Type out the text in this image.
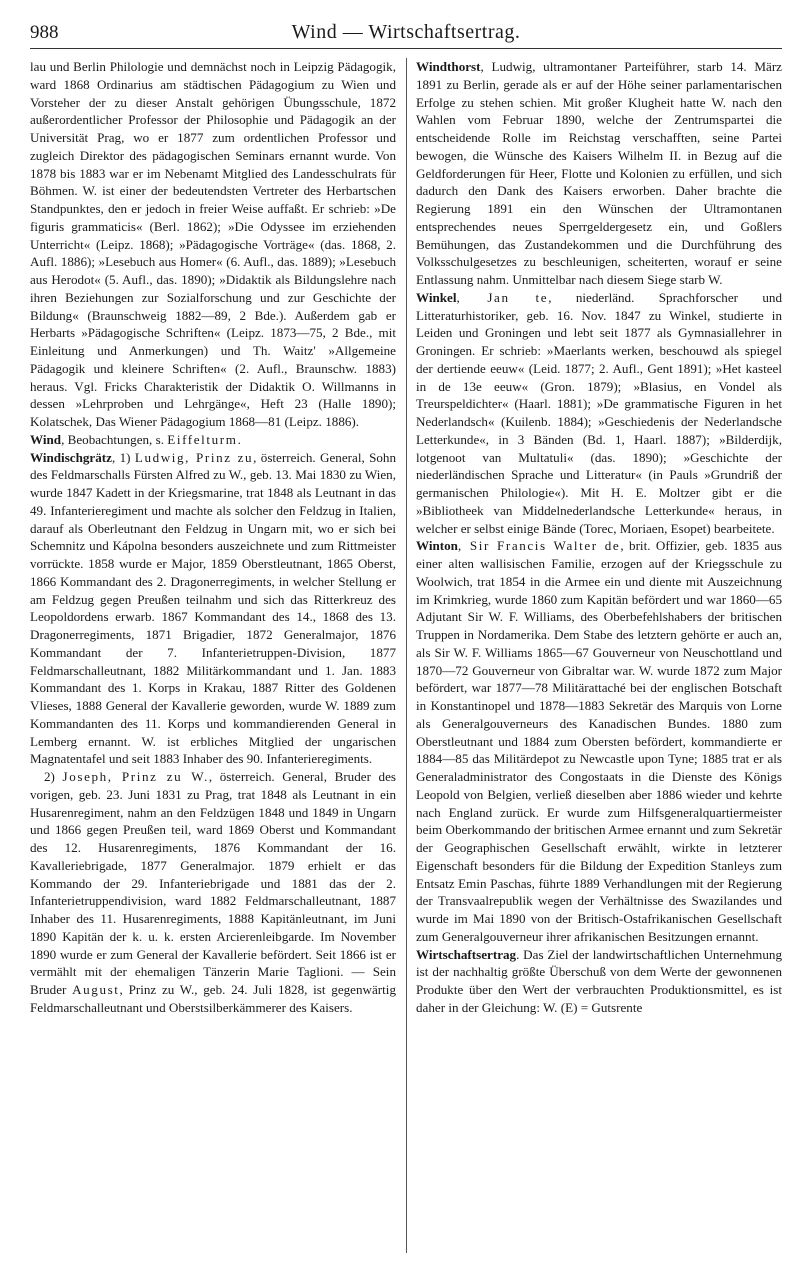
988	Wind — Wirtschaftsertrag.

lau und Berlin Philologie und demnächst noch in Leipzig Pädagogik, ward 1868 Ordinarius am städtischen Pädagogium zu Wien und Vorsteher der zu dieser Anstalt gehörigen Übungsschule, 1872 außerordentlicher Professor der Philosophie und Pädagogik an der Universität Prag, wo er 1877 zum ordentlichen Professor und zugleich Direktor des pädagogischen Seminars ernannt wurde. Von 1878 bis 1883 war er im Nebenamt Mitglied des Landesschulrats für Böhmen. W. ist einer der bedeutendsten Vertreter des Herbartschen Standpunktes, den er jedoch in freier Weise auffaßt. Er schrieb: »De figuris grammaticis« (Berl. 1862); »Die Odyssee im erziehenden Unterricht« (Leipz. 1868); »Pädagogische Vorträge« (das. 1868, 2. Aufl. 1886); »Lesebuch aus Homer« (6. Aufl., das. 1889); »Lesebuch aus Herodot« (5. Aufl., das. 1890); »Didaktik als Bildungslehre nach ihren Beziehungen zur Sozialforschung und zur Geschichte der Bildung« (Braunschweig 1882—89, 2 Bde.). Außerdem gab er Herbarts »Pädagogische Schriften« (Leipz. 1873—75, 2 Bde., mit Einleitung und Anmerkungen) und Th. Waitz' »Allgemeine Pädagogik und kleinere Schriften« (2. Aufl., Braunschw. 1883) heraus. Vgl. Fricks Charakteristik der Didaktik O. Willmanns in dessen »Lehrproben und Lehrgänge«, Heft 23 (Halle 1890); Kolatschek, Das Wiener Pädagogium 1868—81 (Leipz. 1886).

Wind, Beobachtungen, s. Eiffelturm.

Windischgrätz, 1) Ludwig, Prinz zu, österreich. General, Sohn des Feldmarschalls Fürsten Alfred zu W., geb. 13. Mai 1830 zu Wien, wurde 1847 Kadett in der Kriegsmarine, trat 1848 als Leutnant in das 49. Infanterieregiment und machte als solcher den Feldzug in Italien, darauf als Oberleutnant den Feldzug in Ungarn mit, wo er sich bei Schemnitz und Kápolna besonders auszeichnete und zum Rittmeister vorrückte. 1858 wurde er Major, 1859 Oberstleutnant, 1865 Oberst, 1866 Kommandant des 2. Dragonerregiments, in welcher Stellung er am Feldzug gegen Preußen teilnahm und sich das Ritterkreuz des Leopoldordens erwarb. 1867 Kommandant des 14., 1868 des 13. Dragonerregiments, 1871 Brigadier, 1872 Generalmajor, 1876 Kommandant der 7. Infanterietruppen-Division, 1877 Feldmarschalleutnant, 1882 Militärkommandant und 1. Jan. 1883 Kommandant des 1. Korps in Krakau, 1887 Ritter des Goldenen Vlieses, 1888 General der Kavallerie geworden, wurde W. 1889 zum Kommandanten des 11. Korps und kommandierenden General in Lemberg ernannt. W. ist erbliches Mitglied der ungarischen Magnatentafel und seit 1883 Inhaber des 90. Infanterieregiments.

2) Joseph, Prinz zu W., österreich. General, Bruder des vorigen, geb. 23. Juni 1831 zu Prag, trat 1848 als Leutnant in ein Husarenregiment, nahm an den Feldzügen 1848 und 1849 in Ungarn und 1866 gegen Preußen teil, ward 1869 Oberst und Kommandant des 12. Husarenregiments, 1876 Kommandant der 16. Kavalleriebrigade, 1877 Generalmajor. 1879 erhielt er das Kommando der 29. Infanteriebrigade und 1881 das der 2. Infanterietruppendivision, ward 1882 Feldmarschalleutnant, 1887 Inhaber des 11. Husarenregiments, 1888 Kapitänleutnant, im Juni 1890 Kapitän der k. u. k. ersten Arcierenleibgarde. Im November 1890 wurde er zum General der Kavallerie befördert. Seit 1866 ist er vermählt mit der ehemaligen Tänzerin Marie Taglioni. — Sein Bruder August, Prinz zu W., geb. 24. Juli 1828, ist gegenwärtig Feldmarschalleutnant und Oberstsilberkämmerer des Kaisers.

Windthorst, Ludwig, ultramontaner Parteiführer, starb 14. März 1891 zu Berlin, gerade als er auf der Höhe seiner parlamentarischen Erfolge zu stehen schien. Mit großer Klugheit hatte W. nach den Wahlen vom Februar 1890, welche der Zentrumspartei die entscheidende Rolle im Reichstag verschafften, seine Partei bewogen, die Wünsche des Kaisers Wilhelm II. in Bezug auf die Geldforderungen für Heer, Flotte und Kolonien zu erfüllen, und sich dadurch den Dank des Kaisers erworben. Daher brachte die Regierung 1891 ein den Wünschen der Ultramontanen entsprechendes neues Sperrgeldergesetz ein, und Goßlers Bemühungen, das Zustandekommen und die Durchführung des Volksschulgesetzes zu beschleunigen, scheiterten, worauf er seine Entlassung nahm. Unmittelbar nach diesem Siege starb W.

Winkel, Jan te, niederländ. Sprachforscher und Litteraturhistoriker, geb. 16. Nov. 1847 zu Winkel, studierte in Leiden und Groningen und lebt seit 1877 als Gymnasiallehrer in Groningen. Er schrieb: »Maerlants werken, beschouwd als spiegel der dertiende eeuw« (Leid. 1877; 2. Aufl., Gent 1891); »Het kasteel in de 13e eeuw« (Gron. 1879); »Blasius, en Vondel als Treurspeldichter« (Haarl. 1881); »De grammatische Figuren in het Nederlandsch« (Kuilenb. 1884); »Geschiedenis der Nederlandsche Letterkunde«, in 3 Bänden (Bd. 1, Haarl. 1887); »Bilderdijk, lotgenoot van Multatuli« (das. 1890); »Geschichte der niederländischen Sprache und Litteratur« (in Pauls »Grundriß der germanischen Philologie«). Mit H. E. Moltzer gibt er die »Bibliotheek van Middelnederlandsche Letterkunde« heraus, in welcher er selbst einige Bände (Torec, Moriaen, Esopet) bearbeitete.

Winton, Sir Francis Walter de, brit. Offizier, geb. 1835 aus einer alten wallisischen Familie, erzogen auf der Kriegsschule zu Woolwich, trat 1854 in die Armee ein und diente mit Auszeichnung im Krimkrieg, wurde 1860 zum Kapitän befördert und war 1860—65 Adjutant Sir W. F. Williams, des Oberbefehlshabers der britischen Truppen in Nordamerika. Dem Stabe des letztern gehörte er auch an, als Sir W. F. Williams 1865—67 Gouverneur von Neuschottland und 1870—72 Gouverneur von Gibraltar war. W. wurde 1872 zum Major befördert, war 1877—78 Militärattaché bei der englischen Botschaft in Konstantinopel und 1878—1883 Sekretär des Marquis von Lorne als Generalgouverneurs des Kanadischen Bundes. 1880 zum Oberstleutnant und 1884 zum Obersten befördert, kommandierte er 1884—85 das Militärdepot zu Newcastle upon Tyne; 1885 trat er als Generaladministrator des Congostaats in die Dienste des Königs Leopold von Belgien, verließ dieselben aber 1886 wieder und kehrte nach England zurück. Er wurde zum Hilfsgeneralquartiermeister beim Oberkommando der britischen Armee ernannt und zum Sekretär der Geographischen Gesellschaft erwählt, wirkte in letzterer Eigenschaft besonders für die Bildung der Expedition Stanleys zum Entsatz Emin Paschas, führte 1889 Verhandlungen mit der Regierung der Transvaalrepublik wegen der Verhältnisse des Swazilandes und wurde im Mai 1890 von der Britisch-Ostafrikanischen Gesellschaft zum Generalgouverneur ihrer afrikanischen Besitzungen ernannt.

Wirtschaftsertrag. Das Ziel der landwirtschaftlichen Unternehmung ist der nachhaltig größte Überschuß von dem Werte der gewonnenen Produkte über den Wert der verbrauchten Produktionsmittel, es ist daher in der Gleichung: W. (E) = Gutsrente
